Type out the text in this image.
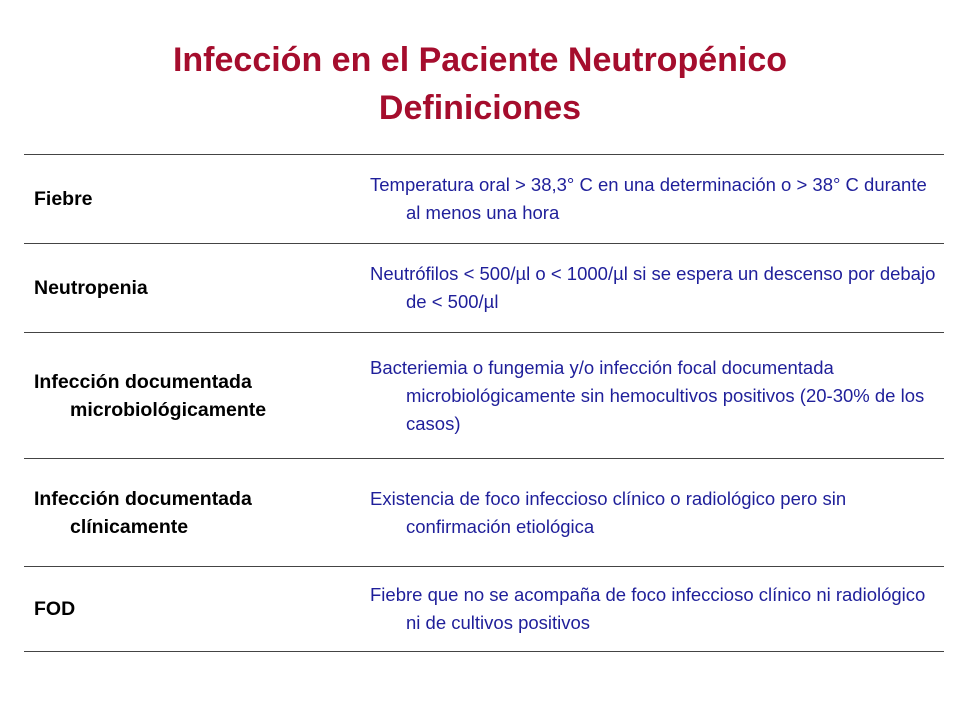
Infección en el Paciente Neutropénico
Definiciones
Fiebre
Temperatura oral > 38,3° C en una determinación o > 38° C durante al menos una hora
Neutropenia
Neutrófilos < 500/µl o < 1000/µl si se espera un descenso por debajo de < 500/µl
Infección documentada microbiológicamente
Bacteriemia o fungemia y/o infección focal documentada microbiológicamente sin hemocultivos positivos (20-30% de los casos)
Infección documentada clínicamente
Existencia de foco infeccioso clínico o radiológico pero sin confirmación etiológica
FOD
Fiebre que no se acompaña de foco infeccioso clínico ni radiológico ni de cultivos positivos
